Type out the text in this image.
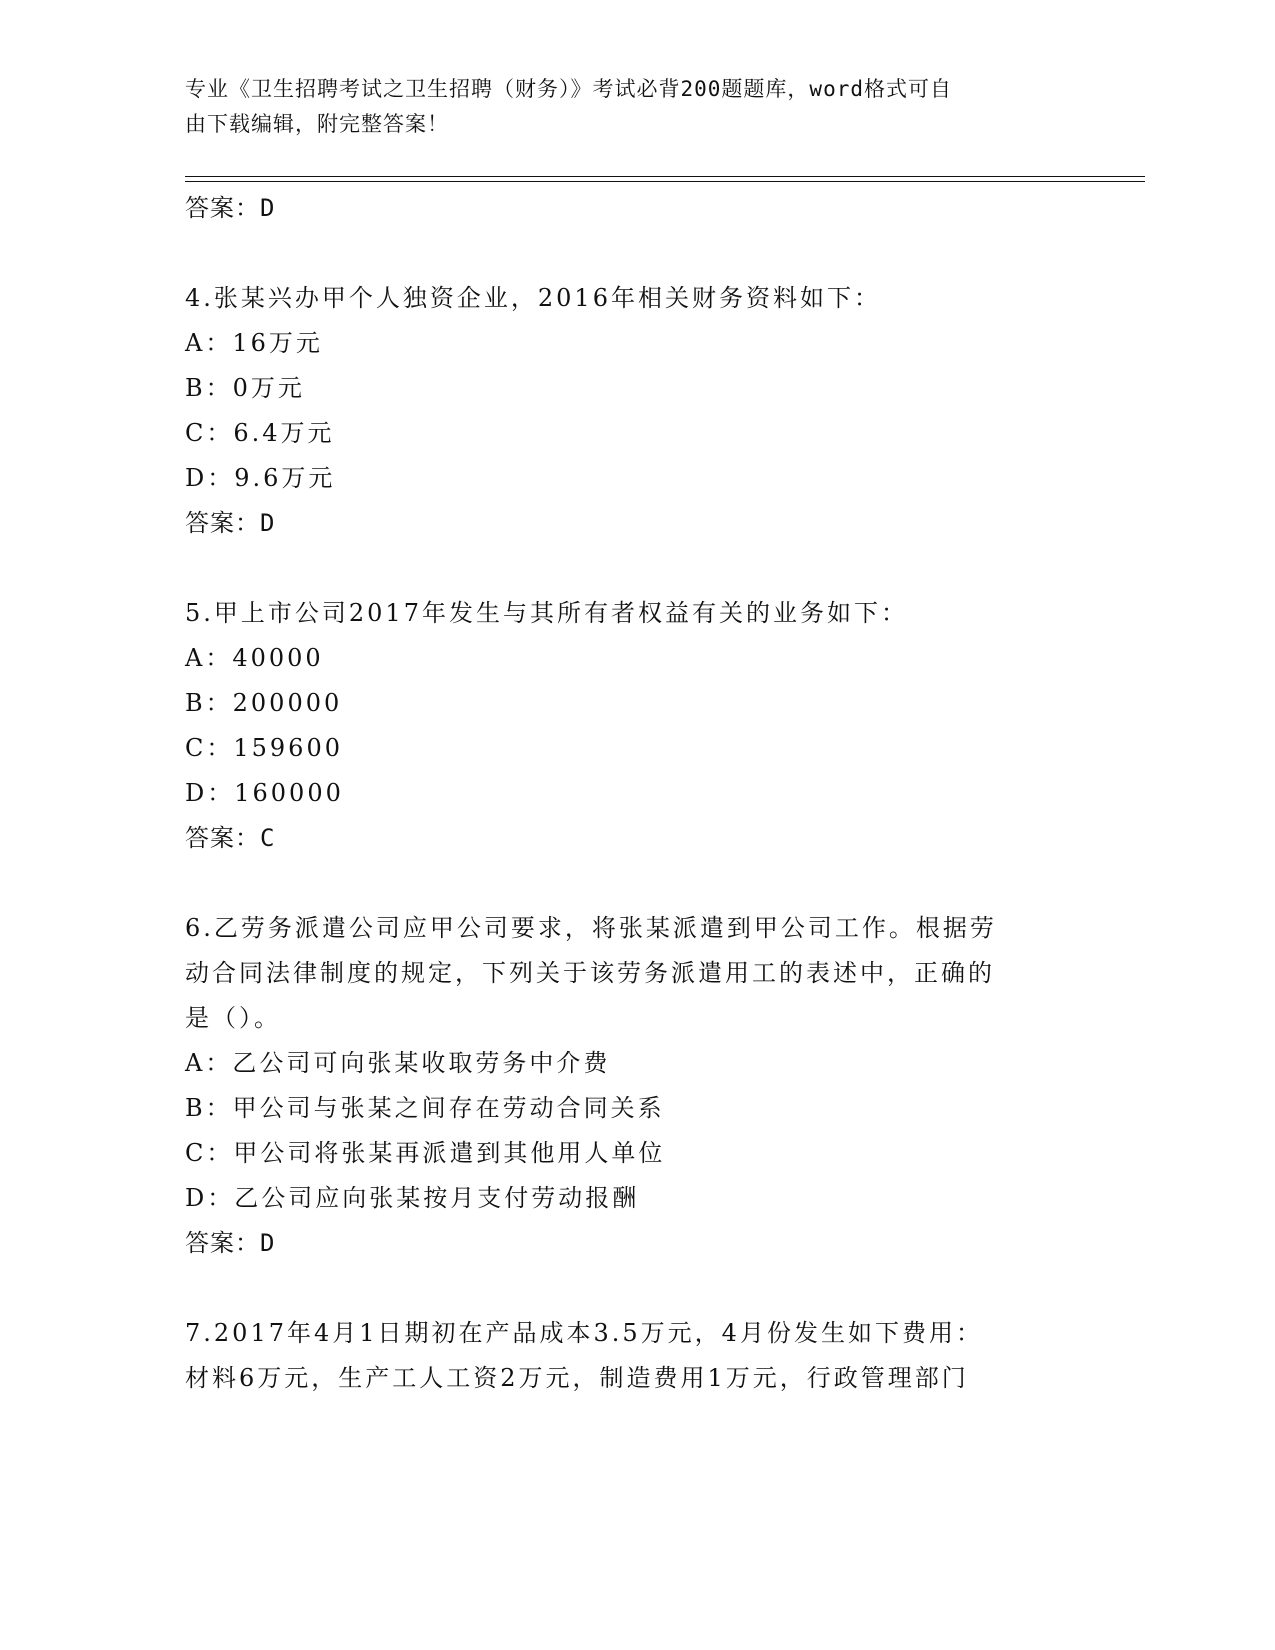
专业《卫生招聘考试之卫生招聘（财务）》考试必背200题题库，word格式可自
由下载编辑，附完整答案！
答案：D
4.张某兴办甲个人独资企业，2016年相关财务资料如下：
A：16万元
B：0万元
C：6.4万元
D：9.6万元
答案：D
5.甲上市公司2017年发生与其所有者权益有关的业务如下：
A：40000
B：200000
C：159600
D：160000
答案：C
6.乙劳务派遣公司应甲公司要求，将张某派遣到甲公司工作。根据劳
动合同法律制度的规定，下列关于该劳务派遣用工的表述中，正确的
是（）。
A：乙公司可向张某收取劳务中介费
B：甲公司与张某之间存在劳动合同关系
C：甲公司将张某再派遣到其他用人单位
D：乙公司应向张某按月支付劳动报酬
答案：D
7.2017年4月1日期初在产品成本3.5万元，4月份发生如下费用：
材料6万元，生产工人工资2万元，制造费用1万元，行政管理部门
